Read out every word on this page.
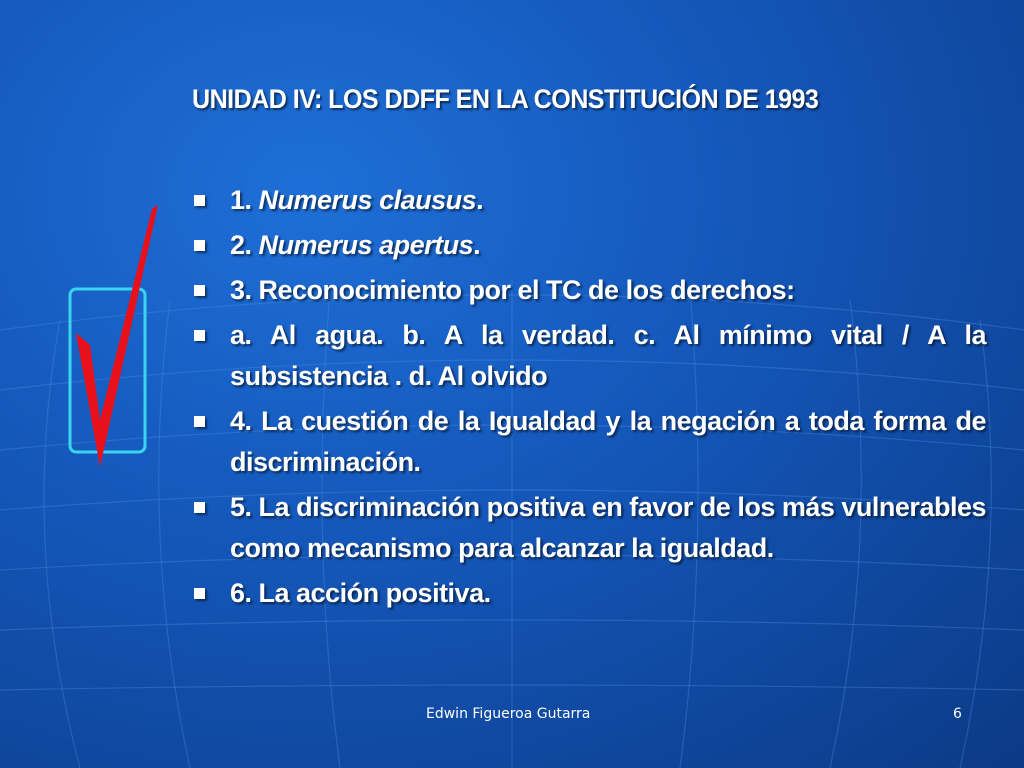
UNIDAD IV: LOS DDFF EN LA CONSTITUCIÓN DE 1993
1. Numerus clausus.
2. Numerus apertus.
3. Reconocimiento por el TC de los derechos:
a. Al agua. b. A la verdad. c. Al mínimo vital / A la subsistencia . d. Al olvido
4. La cuestión de la Igualdad y la negación a toda forma de discriminación.
5. La discriminación positiva en favor de los más vulnerables como mecanismo para alcanzar la igualdad.
6. La acción positiva.
Edwin Figueroa Gutarra	6
